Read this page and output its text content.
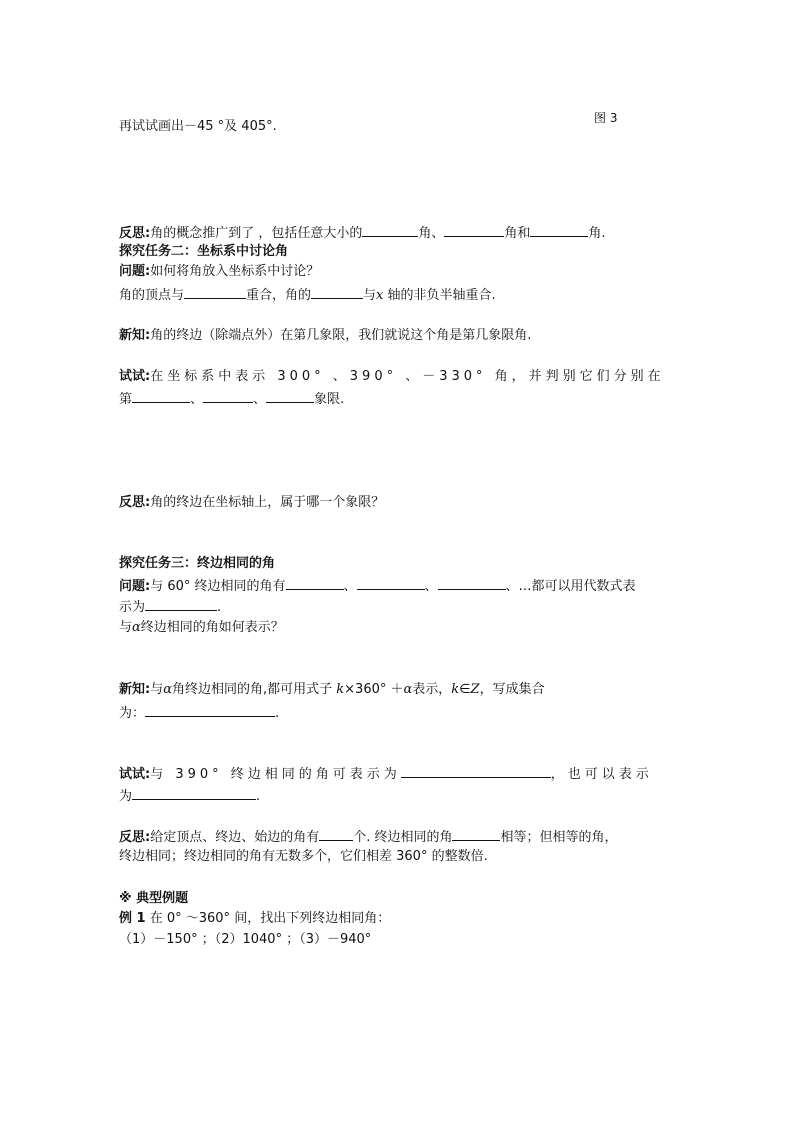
图 3
再试试画出－45 °及 405°.
反思:角的概念推广到了 ，包括任意大小的	角、	角和	角.
探究任务二：坐标系中讨论角
问题:如何将角放入坐标系中讨论？
角的顶点与	重合，角的	与x 轴的非负半轴重合.
新知:角的终边（除端点外）在第几象限，我们就说这个角是第几象限角.
试试:在坐标系中表示 300° 、390° 、－330° 角，并判别它们分别在
第	、	、	象限.
反思:角的终边在坐标轴上，属于哪一个象限？
探究任务三：终边相同的角
问题:与 60° 终边相同的角有	、	、	、…都可以用代数式表
示为	.
与α终边相同的角如何表示？
新知:与α角终边相同的角,都可用式子 k×360° ＋α表示，k∈Z，写成集合
为：	.
试试:与 390° 终边相同的角可表示为	，也可以表示
为	.
反思:给定顶点、终边、始边的角有	个. 终边相同的角	相等；但相等的角，
终边相同；终边相同的角有无数多个，它们相差 360° 的整数倍.
※ 典型例题
例 1 在 0° ～360° 间，找出下列终边相同角：
（1）－150° ；（2）1040° ；（3）－940°
